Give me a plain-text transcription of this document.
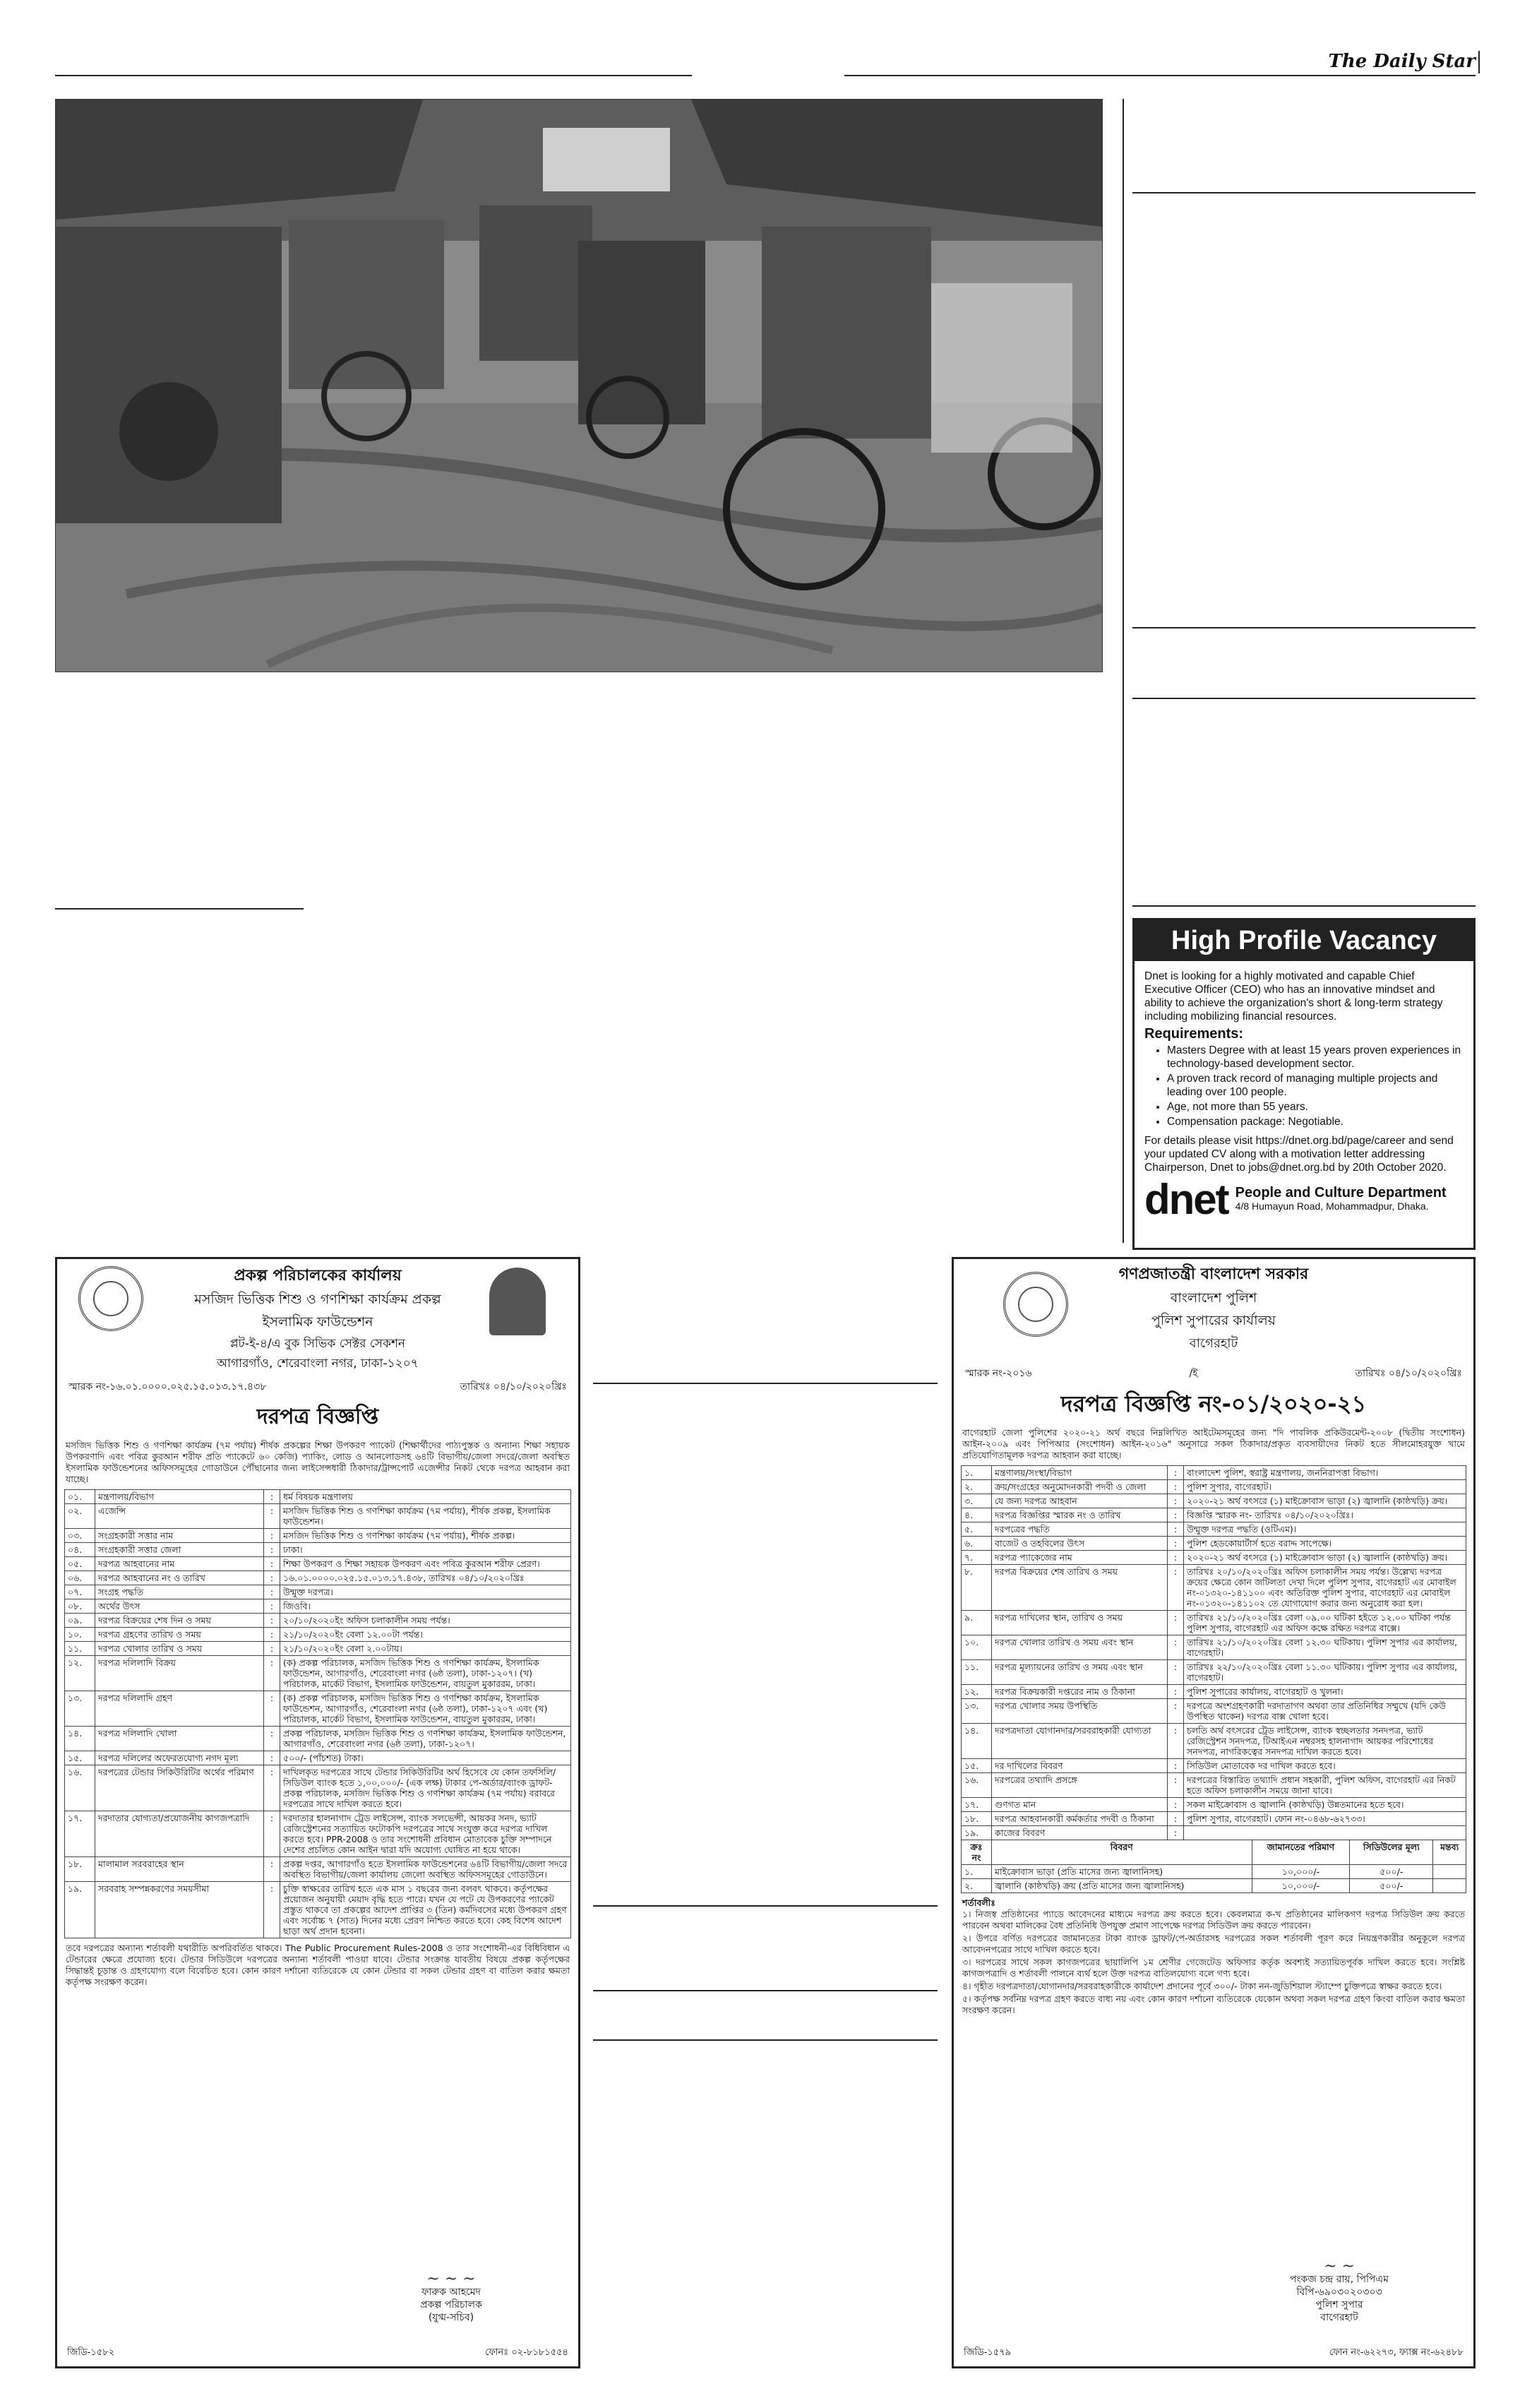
The Daily Star
High Profile Vacancy

Dnet is looking for a highly motivated and capable Chief Executive Officer (CEO) who has an innovative mindset and ability to achieve the organization's short & long-term strategy including mobilizing financial resources.

Requirements:
• Masters Degree with at least 15 years proven experiences in technology-based development sector.
• A proven track record of managing multiple projects and leading over 100 people.
• Age, not more than 55 years.
• Compensation package: Negotiable.

For details please visit https://dnet.org.bd/page/career and send your updated CV along with a motivation letter addressing Chairperson, Dnet to jobs@dnet.org.bd by 20th October 2020.

dnet People and Culture Department
4/8 Humayun Road, Mohammadpur, Dhaka.
প্রকল্প পরিচালকের কার্যালয়
মসজিদ ভিত্তিক শিশু ও গণশিক্ষা কার্যক্রম প্রকল্প
ইসলামিক ফাউন্ডেশন
প্লট-ই-৪/এ বুক সিভিক সেক্টর সেকশন
আগারগাঁও, শেরেবাংলা নগর, ঢাকা-১২০৭
স্মারক নং-১৬.০১.০০০০.০২৫.১৫.০১৩.১৭.৪৩৮	তারিখঃ ০৪/১০/২০২০খ্রিঃ
দরপত্র বিজ্ঞপ্তি
মসজিদ ভিত্তিক শিশু ও গণশিক্ষা কার্যক্রম (৭ম পর্যায়) শীর্ষক প্রকল্পের শিক্ষা উপকরণ প্যাকেট (শিক্ষার্থীদের পাঠ্যপুস্তক ও অন্যান্য শিক্ষা সহায়ক উপকরণাদি এবং পবিত্র কুরআন শরীফ প্রতি প্যাকেটে ৬০ কেজি) প্যাকিং, লোড ও আনলোডসহ ৬৪টি বিভাগীয়/জেলা সদরে/জেলা অবস্থিত ইসলামিক ফাউন্ডেশনের অফিসসমূহের গোডাউনে পৌঁছানোর জন্য লাইসেন্সধারী ঠিকাদার/ট্রান্সপোর্ট এজেন্সীর নিকট থেকে দরপত্র আহবান করা যাচ্ছে।
০১.	মন্ত্রণালয়/বিভাগ	:	ধর্ম বিষয়ক মন্ত্রণালয়
০২.	এজেন্সি	:	মসজিদ ভিত্তিক শিশু ও গণশিক্ষা কার্যক্রম (৭ম পর্যায়), শীর্ষক প্রকল্প, ইসলামিক ফাউন্ডেশন।
০৩.	সংগ্রহকারী সত্তার নাম	:	মসজিদ ভিত্তিক শিশু ও গণশিক্ষা কার্যক্রম (৭ম পর্যায়), শীর্ষক প্রকল্প।
০৪.	সংগ্রহকারী সত্তার জেলা	:	ঢাকা।
০৫.	দরপত্র আহবানের নাম	:	শিক্ষা উপকরণ ও শিক্ষা সহায়ক উপকরণ এবং পবিত্র কুরআন শরীফ প্রেরণ।
০৬.	দরপত্র আহবানের নং ও তারিখ	:	১৬.০১.০০০০.০২৫.১৫.০১৩.১৭.৪৩৮, তারিখঃ ০৪/১০/২০২০খ্রিঃ
০৭.	সংগ্রহ পদ্ধতি	:	উন্মুক্ত দরপত্র।
০৮.	অর্থের উৎস	:	জিওবি।
০৯.	দরপত্র বিক্রয়ের শেষ দিন ও সময়	:	২০/১০/২০২০ইং অফিস চলাকালীন সময় পর্যন্ত।
১০.	দরপত্র গ্রহণের তারিখ ও সময়	:	২১/১০/২০২০ইং বেলা ১২.০০টা পর্যন্ত।
১১.	দরপত্র খোলার তারিখ ও সময়	:	২১/১০/২০২০ইং বেলা ২.০০টায়।
১২.	দরপত্র দলিলাদি বিক্রয়	:	(ক) প্রকল্প পরিচালক, মসজিদ ভিত্তিক শিশু ও গণশিক্ষা কার্যক্রম, ইসলামিক ফাউন্ডেশন, আগারগাঁও, শেরেবাংলা নগর (৬ষ্ঠ তলা), ঢাকা-১২০৭। (খ) পরিচালক, মার্কেট বিভাগ, ইসলামিক ফাউন্ডেশন, বায়তুল মুকাররম, ঢাকা।
১৩.	দরপত্র দলিলাদি গ্রহণ	:	(ক) প্রকল্প পরিচালক, মসজিদ ভিত্তিক শিশু ও গণশিক্ষা কার্যক্রম, ইসলামিক ফাউন্ডেশন, আগারগাঁও, শেরেবাংলা নগর (৬ষ্ঠ তলা), ঢাকা-১২০৭ এবং (খ) পরিচালক, মার্কেট বিভাগ, ইসলামিক ফাউন্ডেশন, বায়তুল মুকাররম, ঢাকা।
১৪.	দরপত্র দলিলাদি খোলা	:	প্রকল্প পরিচালক, মসজিদ ভিত্তিক শিশু ও গণশিক্ষা কার্যক্রম, ইসলামিক ফাউন্ডেশন, আগারগাঁও, শেরেবাংলা নগর (৬ষ্ঠ তলা), ঢাকা-১২০৭।
১৫.	দরপত্র দলিলের অফেরতযোগ্য নগদ মূল্য	:	৫০০/- (পাঁচশত) টাকা।
১৬.	দরপত্রের টেন্ডার সিকিউরিটির অর্থের পরিমাণ	:	দাখিলকৃত দরপত্রের সাথে টেন্ডার সিকিউরিটির অর্থ হিসেবে যে কোন তফসিলি/সিডিউল ব্যাংক হতে ১,০০,০০০/- (এক লক্ষ) টাকার পে-অর্ডার/ব্যাংক ড্রাফট- প্রকল্প পরিচালক, মসজিদ ভিত্তিক শিশু ও গণশিক্ষা কার্যক্রম (৭ম পর্যায়) বরাবরে দরপত্রের সাথে দাখিল করতে হবে।
১৭.	দরদাতার যোগ্যতা/প্রয়োজনীয় কাগজপত্রাদি	:	দরদাতার হালনাগাদ ট্রেড লাইসেন্স, ব্যাংক সলভেন্সী, আয়কর সনদ, ভ্যাট রেজিস্ট্রেশনের সত্যায়িত ফটোকপি দরপত্রের সাথে সংযুক্ত করে দরপত্র দাখিল করতে হবে। PPR-2008 ও তার সংশোধনী প্রবিধান মোতাবেক চুক্তি সম্পাদনে দেশের প্রচলিত কোন আইন দ্বারা যদি অযোগ্য ঘোষিত না হয়ে থাকে।
১৮.	মালামাল সরবরাহের স্থান	:	প্রকল্প দপ্তর, আগারগাঁও হতে ইসলামিক ফাউন্ডেশনের ৬৪টি বিভাগীয়/জেলা সদরে অবস্থিত বিভাগীয়/জেলা কার্যালয় জেলাে অবস্থিত অফিসসমূহের গোডাউনে।
১৯.	সরবরাহ সম্পন্নকরণের সময়সীমা	:	চুক্তি স্বাক্ষরের তারিখ হতে এক মাস ১ বছরের জন্য বলবৎ থাকবে। কর্তৃপক্ষের প্রয়োজন অনুযায়ী মেয়াদ বৃদ্ধি হতে পারে। যখন যে পটে যে উপকরণের প্যাকেট প্রস্তুত থাকবে তা প্রকল্পের আদেশ প্রাপ্তির ৩ (তিন) কর্মদিবসের মধ্যে উপকরণ গ্রহণ এবং সর্বোচ্চ ৭ (সাত) দিনের মধ্যে প্রেরণ নিশ্চিত করতে হবে। কেহ বিশেষ আদেশ ছাড়া অর্থ প্রদান হবেনা।
তবে দরপত্রের অন্যান্য শর্তাবলী যথারীতি অপরিবর্তিত থাকবে। The Public Procurement Rules-2008 ও তার সংশোধনী-এর বিধিবিধান এ টেন্ডারের ক্ষেত্রে প্রযোজ্য হবে। টেন্ডার সিডিউলে দরপত্রের অন্যান্য শর্তাবলী পাওয়া যাবে। টেন্ডার সংক্রান্ত যাবতীয় বিষয়ে প্রকল্প কর্তৃপক্ষের সিদ্ধান্তই চূড়ান্ত ও গ্রহণযোগ্য বলে বিবেচিত হবে। কোন কারণ দর্শানো ব্যতিরেকে যে কোন টেন্ডার বা সকল টেন্ডার গ্রহণ বা বাতিল করার ক্ষমতা কর্তৃপক্ষ সংরক্ষণ করেন।
~ ~ ~
ফারুক আহমেদ
প্রকল্প পরিচালক
(যুগ্ম-সচিব)
জিডি-১৫৮২	ফোনঃ ০২-৮১৮১৫৫৪
গণপ্রজাতন্ত্রী বাংলাদেশ সরকার
বাংলাদেশ পুলিশ
পুলিশ সুপারের কার্যালয়
বাগেরহাট
স্মারক নং-২০১৬	/ই	তারিখঃ ০৪/১০/২০২০খ্রিঃ
দরপত্র বিজ্ঞপ্তি নং-০১/২০২০-২১
বাগেরহাট জেলা পুলিশের ২০২০-২১ অর্থ বছরে নিম্নলিখিত আইটেমসমূহের জন্য "দি পাবলিক প্রকিউরমেন্ট-২০০৮ (দ্বিতীয় সংশোধন) আইন-২০০৯ এবং পিপিআর (সংশোধন) আইন-২০১৬" অনুসারে সকল ঠিকাদার/প্রকৃত ব্যবসায়ীদের নিকট হতে সীলমোহরযুক্ত খামে প্রতিযোগিতামূলক দরপত্র আহবান করা যাচ্ছে।
১.	মন্ত্রণালয়/সংস্থা/বিভাগ	:	বাংলাদেশ পুলিশ, স্বরাষ্ট্র মন্ত্রণালয়, জননিরাপত্তা বিভাগ।
২.	ক্রয়/সংগ্রহের অনুমোদনকারী পদবী ও জেলা	:	পুলিশ সুপার, বাগেরহাট।
৩.	যে জন্য দরপত্র আহবান	:	২০২০-২১ অর্থ বৎসরে (১) মাইক্রোবাস ভাড়া (২) জ্বালানি (কাষ্ঠখড়ি) ক্রয়।
৪.	দরপত্র বিজ্ঞপ্তির স্মারক নং ও তারিখ	:	বিজ্ঞপ্তি স্মারক নং- তারিখঃ ০৪/১০/২০২০খ্রিঃ।
৫.	দরপত্রের পদ্ধতি	:	উন্মুক্ত দরপত্র পদ্ধতি (ওটিএম)।
৬.	বাজেট ও তহবিলের উৎস	:	পুলিশ হেডকোয়ার্টার্স হতে বরাদ্দ সাপেক্ষে।
৭.	দরপত্র প্যাকেজের নাম	:	২০২০-২১ অর্থ বৎসরে (১) মাইক্রোবাস ভাড়া (২) জ্বালানি (কাষ্ঠখড়ি) ক্রয়।
৮.	দরপত্র বিক্রয়ের শেষ তারিখ ও সময়	:	তারিখঃ ২০/১০/২০২০খ্রিঃ অফিস চলাকালীন সময় পর্যন্ত। উল্লেখ্য দরপত্র ক্রয়ের ক্ষেত্রে কোন জটিলতা দেখা দিলে পুলিশ সুপার, বাগেরহাট এর মোবাইল নং-০১৩২০-১৪১১০০ এবং অতিরিক্ত পুলিশ সুপার, বাগেরহাট এর মোবাইল নং-০১৩২০-১৪১১০২ তে যোগাযোগ করার জন্য অনুরোধ করা হল।
৯.	দরপত্র দাখিলের স্থান, তারিখ ও সময়	:	তারিখঃ ২১/১০/২০২০খ্রিঃ বেলা ০৯.০০ ঘটিকা হইতে ১২.০০ ঘটিকা পর্যন্ত পুলিশ সুপার, বাগেরহাট এর অফিস কক্ষে রক্ষিত দরপত্র বাক্সে।
১০.	দরপত্র খোলার তারিখ ও সময় এবং স্থান	:	তারিখঃ ২১/১০/২০২০খ্রিঃ বেলা ১২.৩০ ঘটিকায়। পুলিশ সুপার এর কার্যালয়, বাগেরহাট।
১১.	দরপত্র মূল্যায়নের তারিখ ও সময় এবং স্থান	:	তারিখঃ ২২/১০/২০২০খ্রিঃ বেলা ১১.৩০ ঘটিকায়। পুলিশ সুপার এর কার্যালয়, বাগেরহাট।
১২.	দরপত্র বিক্রয়কারী দপ্তরের নাম ও ঠিকানা	:	পুলিশ সুপারের কার্যালয়, বাগেরহাট ও খুলনা।
১৩.	দরপত্র খোলার সময় উপস্থিতি	:	দরপত্রে অংশগ্রহণকারী দরদাতাগণ অথবা তার প্রতিনিধির সম্মুখে (যদি কেউ উপস্থিত থাকেন) দরপত্র বাক্স খোলা হবে।
১৪.	দরপত্রদাতা যোগানদার/সরবরাহকারী যোগ্যতা	:	চলতি অর্থ বৎসরের ট্রেড লাইসেন্স, ব্যাংক স্বচ্ছলতার সনদপত্র, ভ্যাট রেজিস্ট্রেশন সনদপত্র, টিআইএন নম্বরসহ হালনাগাদ আয়কর পরিশোধের সনদপত্র, নাগরিকত্বের সনদপত্র দাখিল করতে হবে।
১৫.	দর দাখিলের বিবরণ	:	সিডিউল মোতাবেক দর দাখিল করতে হবে।
১৬.	দরপত্রের তথ্যাদি প্রসঙ্গে	:	দরপত্রের বিস্তারিত তথ্যাদি প্রধান সহকারী, পুলিশ অফিস, বাগেরহাট এর নিকট হতে অফিস চলাকালীন সময়ে জানা যাবে।
১৭.	গুণগত মান	:	সকল মাইক্রোবাস ও জ্বালানি (কাষ্ঠখড়ি) উন্নতমানের হতে হবে।
১৮.	দরপত্র আহবানকারী কর্মকর্তার পদবী ও ঠিকানা	:	পুলিশ সুপার, বাগেরহাট। ফোন নং-০৪৬৮-৬২৭৩৩।
১৯.	কাজের বিবরণ	:	
ক্রঃ নং	বিবরণ	জামানতের পরিমাণ	সিডিউলের মূল্য	মন্তব্য
১.	মাইক্রোবাস ভাড়া (প্রতি মাসের জন্য জ্বালানিসহ)	১০,০০০/-	৫০০/-	
২.	জ্বালানি (কাষ্ঠখড়ি) ক্রয় (প্রতি মাসের জন্য জ্বালানিসহ)	১০,০০০/-	৫০০/-	
শর্তাবলীঃ
১। নিজস্ব প্রতিষ্ঠানের প্যাডে আবেদনের মাধ্যমে দরপত্র ক্রয় করতে হবে। কেবলমাত্র ক-খ প্রতিষ্ঠানের মালিকগণ দরপত্র সিডিউল ক্রয় করতে পারবেন অথবা মালিকের বৈধ প্রতিনিধি উপযুক্ত প্রমাণ সাপেক্ষে দরপত্র সিডিউল ক্রয় করতে পারবেন।
২। উপরে বর্ণিত দরপত্রের জামানতের টাকা ব্যাংক ড্রাফট/পে-অর্ডারসহ দরপত্রের সকল শর্তাবলী পূরণ করে নিয়ন্ত্রণকারীর অনুকূলে দরপত্র আবেদনপত্রের সাথে দাখিল করতে হবে।
৩। দরপত্রের সাথে সকল কাগজপত্রের ছায়ালিপি ১ম শ্রেণীর গেজেটেড অফিসার কর্তৃক অবশ্যই সত্যায়িতপূর্বক দাখিল করতে হবে। সংশ্লিষ্ট কাগজপত্রাদি ও শর্তাবলী পালনে ব্যর্থ হলে উক্ত দরপত্র বাতিলযোগ্য বলে গণ্য হবে।
৪। গৃহীত দরপত্রদাতা/যোগানদার/সরবরাহকারীকে কার্যাদেশ প্রদানের পূর্বে ৩০০/- টাকা নন-জুডিশিয়াল স্ট্যাম্পে চুক্তিপত্রে স্বাক্ষর করতে হবে।
৫। কর্তৃপক্ষ সর্বনিম্ন দরপত্র গ্রহণ করতে বাধ্য নয় এবং কোন কারণ দর্শানো ব্যতিরেকে যেকোন অথবা সকল দরপত্র গ্রহণ কিংবা বাতিল করার ক্ষমতা সংরক্ষণ করেন।
~ ~
পংকজ চন্দ্র রায়, পিপিএম
বিপি-৬৯০৩০২০৩০৩
পুলিশ সুপার
বাগেরহাট
জিডি-১৫৭৯	ফোন নং-৬২২৭৩, ফ্যাক্স নং-৬২৪৮৮
